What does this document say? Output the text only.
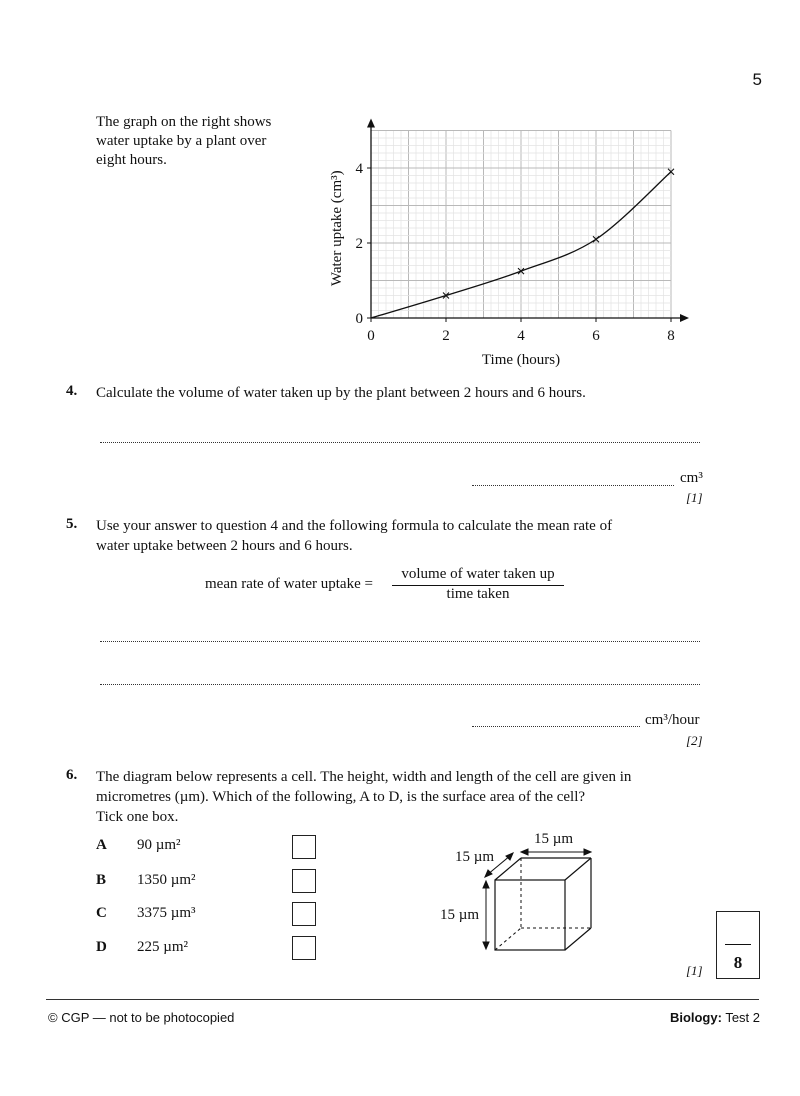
5
The graph on the right shows water uptake by a plant over eight hours.
0	2	4	6	8
0
2
4
Time (hours)
Water uptake (cm³)
4. Calculate the volume of water taken up by the plant between 2 hours and 6 hours.
cm³
[1]
5. Use your answer to question 4 and the following formula to calculate the mean rate of
water uptake between 2 hours and 6 hours.
mean rate of water uptake =
volume of water taken up
time taken
cm³/hour
[2]
6. The diagram below represents a cell. The height, width and length of the cell are given in
micrometres (µm). Which of the following, A to D, is the surface area of the cell?
Tick one box.
A 90 µm²
B 1350 µm²
C 3375 µm³
D 225 µm²
15 µm
15 µm
15 µm
[1]	8
© CGP — not to be photocopied	Biology: Test 2
